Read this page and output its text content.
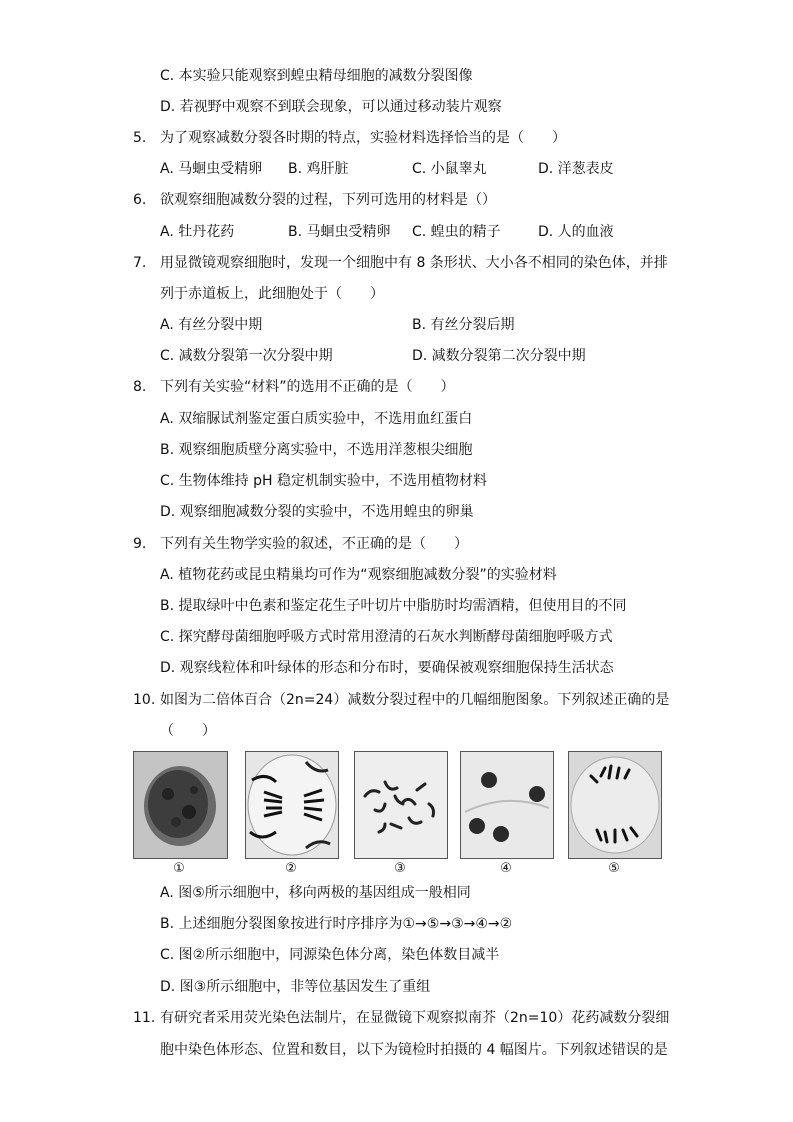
C. 本实验只能观察到蝗虫精母细胞的减数分裂图像
D. 若视野中观察不到联会现象，可以通过移动装片观察
5. 为了观察减数分裂各时期的特点，实验材料选择恰当的是（　　）
A. 马蛔虫受精卵 B. 鸡肝脏	C. 小鼠睾丸	D. 洋葱表皮
6. 欲观察细胞减数分裂的过程，下列可选用的材料是（）
A. 牡丹花药	B. 马蛔虫受精卵 C. 蝗虫的精子	D. 人的血液
7. 用显微镜观察细胞时，发现一个细胞中有 8 条形状、大小各不相同的染色体，并排
列于赤道板上，此细胞处于（　　）
A. 有丝分裂中期	B. 有丝分裂后期
C. 减数分裂第一次分裂中期	D. 减数分裂第二次分裂中期
8. 下列有关实验“材料”的选用不正确的是（　　）
A. 双缩脲试剂鉴定蛋白质实验中，不选用血红蛋白
B. 观察细胞质壁分离实验中，不选用洋葱根尖细胞
C. 生物体维持 pH 稳定机制实验中，不选用植物材料
D. 观察细胞减数分裂的实验中，不选用蝗虫的卵巢
9. 下列有关生物学实验的叙述，不正确的是（　　）
A. 植物花药或昆虫精巢均可作为“观察细胞减数分裂”的实验材料
B. 提取绿叶中色素和鉴定花生子叶切片中脂肪时均需酒精，但使用目的不同
C. 探究酵母菌细胞呼吸方式时常用澄清的石灰水判断酵母菌细胞呼吸方式
D. 观察线粒体和叶绿体的形态和分布时，要确保被观察细胞保持生活状态
10. 如图为二倍体百合（2n=24）减数分裂过程中的几幅细胞图象。下列叙述正确的是
（　　）
①	②	③	④	⑤
A. 图⑤所示细胞中，移向两极的基因组成一般相同
B. 上述细胞分裂图象按进行时序排序为①→⑤→③→④→②
C. 图②所示细胞中，同源染色体分离，染色体数目减半
D. 图③所示细胞中，非等位基因发生了重组
11. 有研究者采用荧光染色法制片，在显微镜下观察拟南芥（2n=10）花药减数分裂细
胞中染色体形态、位置和数目，以下为镜检时拍摄的 4 幅图片。下列叙述错误的是
